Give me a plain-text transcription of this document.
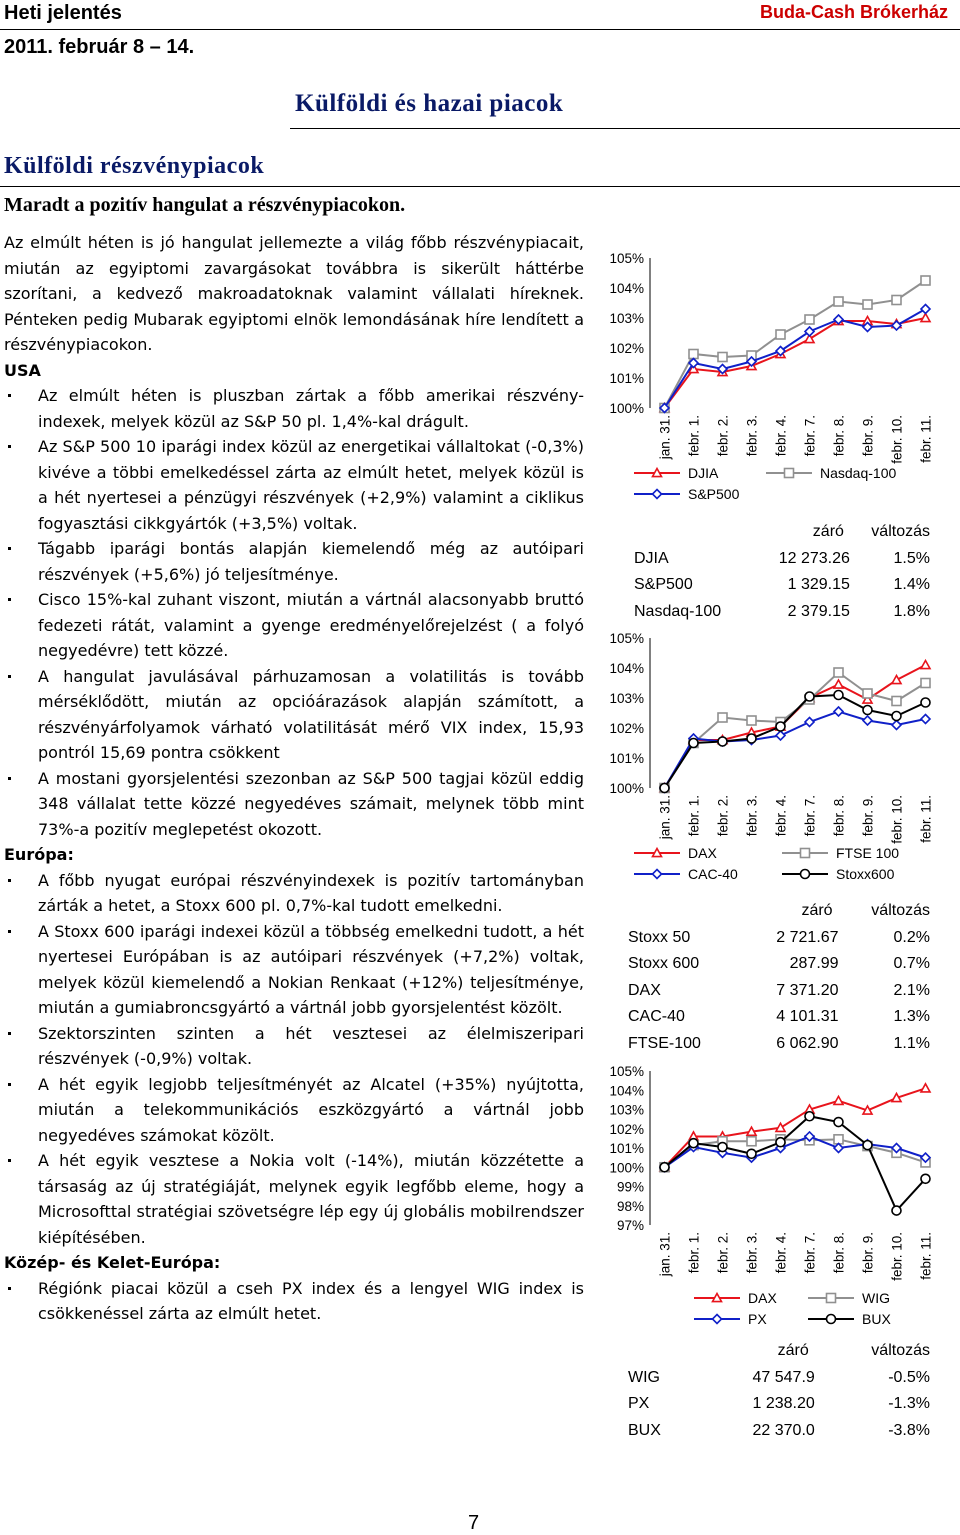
Heti jelentés	Buda-Cash Brókerház
2011. február 8 – 14.
Külföldi és hazai piacok
Külföldi részvénypiacok
Maradt a pozitív hangulat a részvénypiacokon.

Az elmúlt héten is jó hangulat jellemezte a világ főbb részvénypiacait, miután az egyiptomi zavargásokat továbbra is sikerült háttérbe szorítani, a kedvező makroadatoknak valamint vállalati híreknek. Pénteken pedig Mubarak egyiptomi elnök lemondásának híre lendített a részvénypiacokon.

USA

Az elmúlt héten is pluszban zártak a főbb amerikai részvény-indexek, melyek közül az S&P 50 pl. 1,4%-kal drágult.

Az S&P 500 10 iparági index közül az energetikai vállaltokat (-0,3%) kivéve a többi emelkedéssel zárta az elmúlt hetet, melyek közül is a hét nyertesei a pénzügyi részvények (+2,9%) valamint a ciklikus fogyasztási cikkgyártók (+3,5%) voltak.

Tágabb iparági bontás alapján kiemelendő még az autóipari részvények (+5,6%) jó teljesítménye.

Cisco 15%-kal zuhant viszont, miután a vártnál alacsonyabb bruttó fedezeti rátát, valamint a gyenge eredményelőrejelzést ( a folyó negyedévre) tett közzé.

A hangulat javulásával párhuzamosan a volatilitás is tovább mérséklődött, miután az opcióárazások alapján számított, a részvényárfolyamok várható volatilitását mérő VIX index, 15,93 pontról 15,69 pontra csökkent

A mostani gyorsjelentési szezonban az S&P 500 tagjai közül eddig 348 vállalat tette közzé negyedéves számait, melynek több mint 73%-a pozitív meglepetést okozott.

Európa:

A főbb nyugat európai részvényindexek is pozitív tartományban zárták a hetet, a Stoxx 600 pl. 0,7%-kal tudott emelkedni.

A Stoxx 600 iparági indexei közül a többség emelkedni tudott, a hét nyertesei Európában is az autóipari részvények (+7,2%) voltak, melyek közül kiemelendő a Nokian Renkaat (+12%) teljesítménye, miután a gumiabroncsgyártó a vártnál jobb gyorsjelentést közölt.

Szektorszinten szinten a hét vesztesei az élelmiszeripari részvények (-0,9%) voltak.

A hét egyik legjobb teljesítményét az Alcatel (+35%) nyújtotta, miután a telekommunikációs eszközgyártó a vártnál jobb negyedéves számokat közölt.

A hét egyik vesztese a Nokia volt (-14%), miután közzétette a társaság az új stratégiáját, melynek egyik legfőbb eleme, hogy a Microsofttal stratégiai szövetségre lép egy új globális mobilrendszer kiépítésében.

Közép- és Kelet-Európa:

Régiónk piacai közül a cseh PX index és a lengyel WIG index is csökkenéssel zárta az elmúlt hetet.

100%
101%
102%
103%
104%
105%
jan. 31. febr. 1. febr. 2. febr. 3. febr. 4. febr. 7. febr. 8. febr. 9. febr. 10. febr. 11.
DJIA	Nasdaq-100
S&P500
	záró	változás
DJIA	12 273.26	1.5%
S&P500	1 329.15	1.4%
Nasdaq-100	2 379.15	1.8%
100%
101%
102%
103%
104%
105%
jan. 31. febr. 1. febr. 2. febr. 3. febr. 4. febr. 7. febr. 8. febr. 9. febr. 10. febr. 11.
DAX	FTSE 100
CAC-40	Stoxx600
	záró	változás
Stoxx 50	2 721.67	0.2%
Stoxx 600	287.99	0.7%
DAX	7 371.20	2.1%
CAC-40	4 101.31	1.3%
FTSE-100	6 062.90	1.1%
97%
98%
99%
100%
101%
102%
103%
104%
105%
jan. 31. febr. 1. febr. 2. febr. 3. febr. 4. febr. 7. febr. 8. febr. 9. febr. 10. febr. 11.
DAX	WIG
PX	BUX
	záró	változás
WIG	47 547.9	-0.5%
PX	1 238.20	-1.3%
BUX	22 370.0	-3.8%
7
